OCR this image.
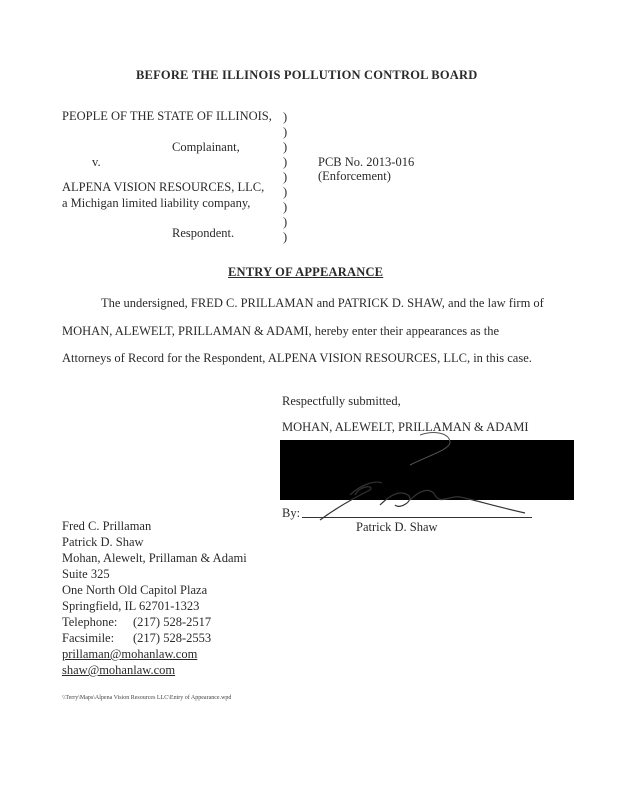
BEFORE THE ILLINOIS POLLUTION CONTROL BOARD
PEOPLE OF THE STATE OF ILLINOIS,
Complainant,
v.
ALPENA VISION RESOURCES, LLC,
a Michigan limited liability company,
Respondent.
)
)
)
)
)
)
)
)
)
PCB No. 2013-016
(Enforcement)
ENTRY OF APPEARANCE
The undersigned, FRED C. PRILLAMAN and PATRICK D. SHAW, and the law firm of
MOHAN, ALEWELT, PRILLAMAN & ADAMI, hereby enter their appearances as the
Attorneys of Record for the Respondent, ALPENA VISION RESOURCES, LLC, in this case.
Respectfully submitted,
MOHAN, ALEWELT, PRILLAMAN & ADAMI
By:
Patrick D. Shaw
Fred C. Prillaman
Patrick D. Shaw
Mohan, Alewelt, Prillaman & Adami
Suite 325
One North Old Capitol Plaza
Springfield, IL 62701-1323
Telephone: (217) 528-2517
Facsimile: (217) 528-2553
prillaman@mohanlaw.com
shaw@mohanlaw.com
\\Terry\Maps\Alpena Vision Resources LLC\Entry of Appearance.wpd
